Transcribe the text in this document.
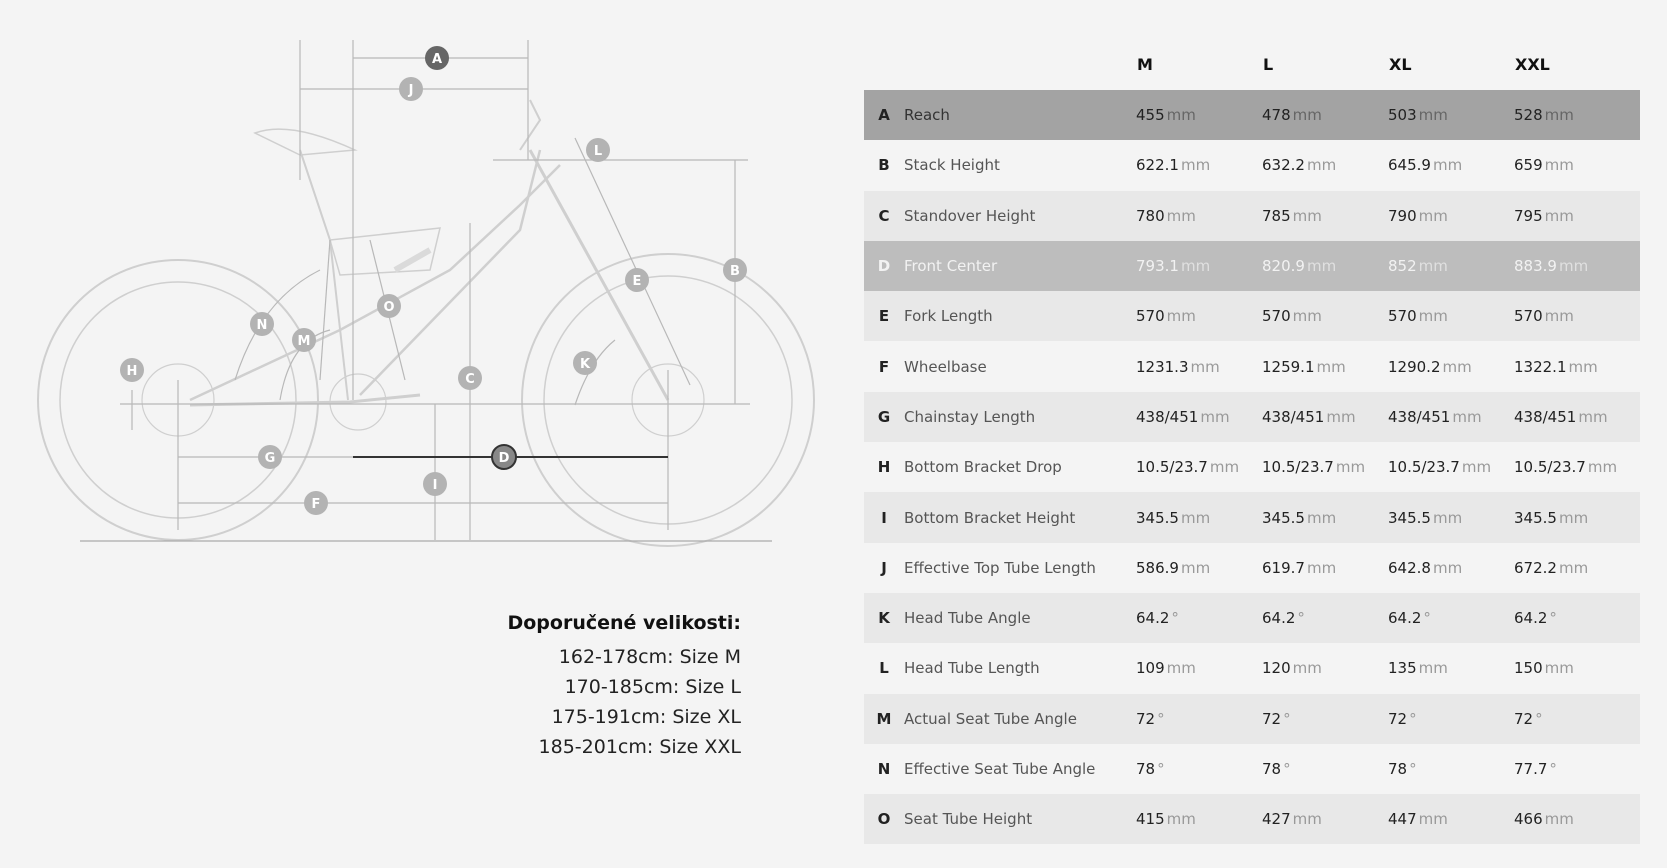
A
J
L
B
E
O
N
M
H	K
C
G	D
I
F
Doporučené velikosti:
162-178cm: Size M
170-185cm: Size L
175-191cm: Size XL
185-201cm: Size XXL
		M	L	XL	XXL
A	Reach	455 mm	478 mm	503 mm	528 mm
B	Stack Height	622.1 mm	632.2 mm	645.9 mm	659 mm
C	Standover Height	780 mm	785 mm	790 mm	795 mm
D	Front Center	793.1 mm	820.9 mm	852 mm	883.9 mm
E	Fork Length	570 mm	570 mm	570 mm	570 mm
F	Wheelbase	1231.3 mm	1259.1 mm	1290.2 mm	1322.1 mm
G	Chainstay Length	438/451 mm	438/451 mm	438/451 mm	438/451 mm
H	Bottom Bracket Drop	10.5/23.7 mm	10.5/23.7 mm	10.5/23.7 mm	10.5/23.7 mm
I	Bottom Bracket Height	345.5 mm	345.5 mm	345.5 mm	345.5 mm
J	Effective Top Tube Length	586.9 mm	619.7 mm	642.8 mm	672.2 mm
K	Head Tube Angle	64.2 °	64.2 °	64.2 °	64.2 °
L	Head Tube Length	109 mm	120 mm	135 mm	150 mm
M	Actual Seat Tube Angle	72 °	72 °	72 °	72 °
N	Effective Seat Tube Angle	78 °	78 °	78 °	77.7 °
O	Seat Tube Height	415 mm	427 mm	447 mm	466 mm
